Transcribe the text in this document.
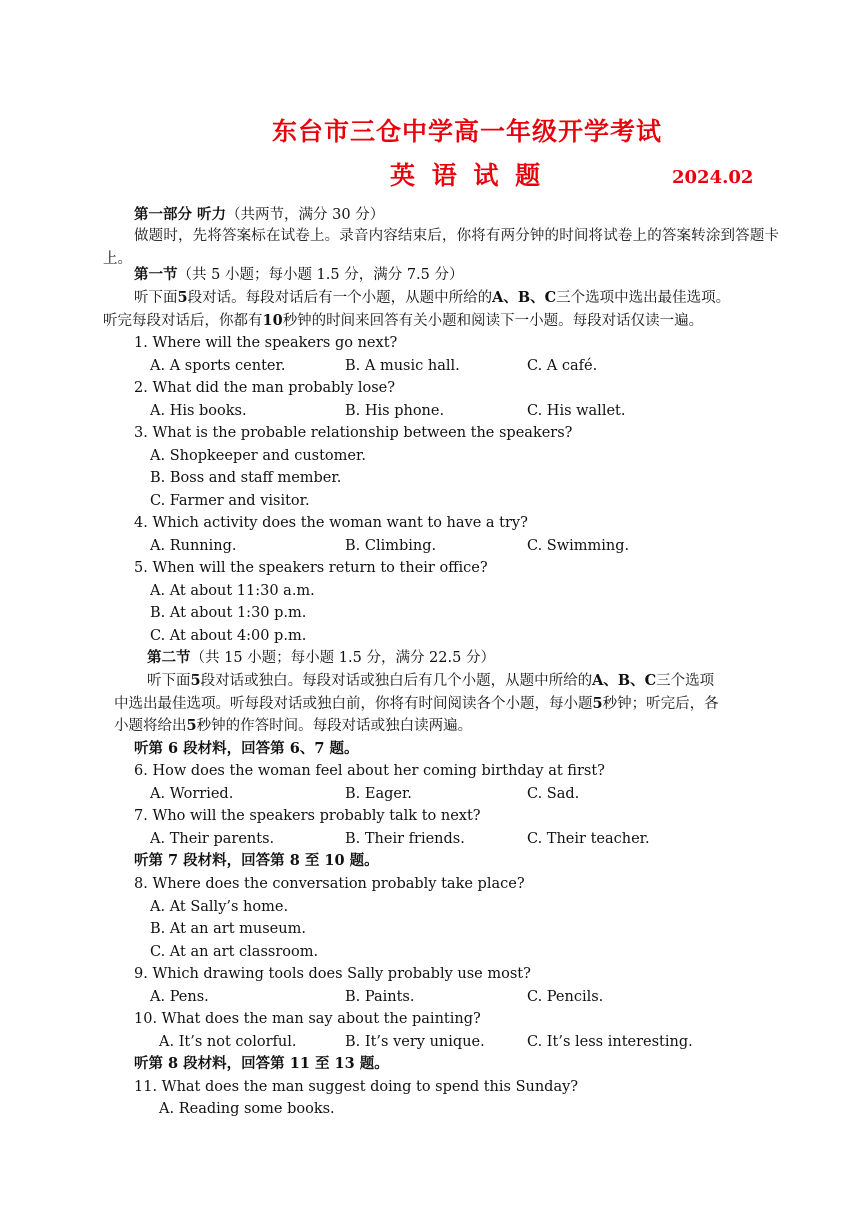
东台市三仓中学高一年级开学考试
英 语 试 题	2024.02
第一部分 听力（共两节，满分 30 分）
做题时，先将答案标在试卷上。录音内容结束后，你将有两分钟的时间将试卷上的答案转涂到答题卡上。
第一节（共 5 小题；每小题 1.5 分，满分 7.5 分）
听下面5段对话。每段对话后有一个小题，从题中所给的A、B、C三个选项中选出最佳选项。
听完每段对话后，你都有10秒钟的时间来回答有关小题和阅读下一小题。每段对话仅读一遍。
1. Where will the speakers go next?
A. A sports center.	B. A music hall.	C. A café.
2. What did the man probably lose?
A. His books.	B. His phone.	C. His wallet.
3. What is the probable relationship between the speakers?
A. Shopkeeper and customer.
B. Boss and staff member.
C. Farmer and visitor.
4. Which activity does the woman want to have a try?
A. Running.	B. Climbing.	C. Swimming.
5. When will the speakers return to their office?
A. At about 11:30 a.m.
B. At about 1:30 p.m.
C. At about 4:00 p.m.
第二节（共 15 小题；每小题 1.5 分，满分 22.5 分）
听下面5段对话或独白。每段对话或独白后有几个小题，从题中所给的A、B、C三个选项
中选出最佳选项。听每段对话或独白前，你将有时间阅读各个小题，每小题5秒钟；听完后，各
小题将给出5秒钟的作答时间。每段对话或独白读两遍。
听第 6 段材料，回答第 6、7 题。
6. How does the woman feel about her coming birthday at first?
A. Worried.	B. Eager.	C. Sad.
7. Who will the speakers probably talk to next?
A. Their parents.	B. Their friends.	C. Their teacher.
听第 7 段材料，回答第 8 至 10 题。
8. Where does the conversation probably take place?
A. At Sally’s home.
B. At an art museum.
C. At an art classroom.
9. Which drawing tools does Sally probably use most?
A. Pens.	B. Paints.	C. Pencils.
10. What does the man say about the painting?
A. It’s not colorful.	B. It’s very unique.	C. It’s less interesting.
听第 8 段材料，回答第 11 至 13 题。
11. What does the man suggest doing to spend this Sunday?
A. Reading some books.
